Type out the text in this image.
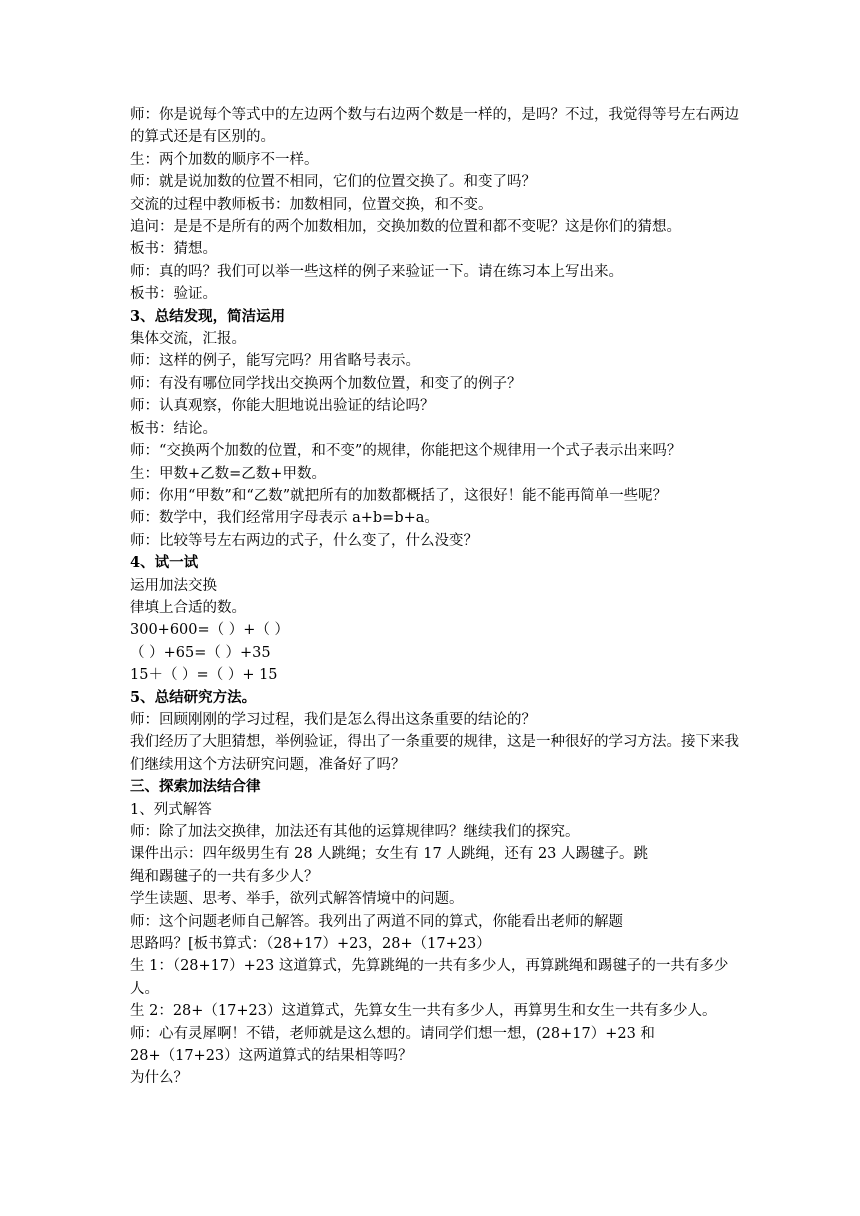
师：你是说每个等式中的左边两个数与右边两个数是一样的，是吗？不过，我觉得等号左右两边的算式还是有区别的。
生：两个加数的顺序不一样。
师：就是说加数的位置不相同，它们的位置交换了。和变了吗？
交流的过程中教师板书：加数相同，位置交换，和不变。
追问：是是不是所有的两个加数相加，交换加数的位置和都不变呢？这是你们的猜想。
板书：猜想。
师：真的吗？我们可以举一些这样的例子来验证一下。请在练习本上写出来。
板书：验证。
3、总结发现，简洁运用
集体交流，汇报。
师：这样的例子，能写完吗？用省略号表示。
师：有没有哪位同学找出交换两个加数位置，和变了的例子？
师：认真观察，你能大胆地说出验证的结论吗？
板书：结论。
师：“交换两个加数的位置，和不变”的规律，你能把这个规律用一个式子表示出来吗？
生：甲数+乙数=乙数+甲数。
师：你用“甲数”和“乙数”就把所有的加数都概括了，这很好！能不能再简单一些呢？
师：数学中，我们经常用字母表示 a+b=b+a。
师：比较等号左右两边的式子，什么变了，什么没变？
4、试一试
运用加法交换
律填上合适的数。
300+600=（ ）+（ ）
（ ）+65=（ ）+35
15＋（ ）=（ ）+ 15
5、总结研究方法。
师：回顾刚刚的学习过程，我们是怎么得出这条重要的结论的？
我们经历了大胆猜想，举例验证，得出了一条重要的规律，这是一种很好的学习方法。接下来我们继续用这个方法研究问题，准备好了吗？
三、探索加法结合律
1、列式解答
师：除了加法交换律，加法还有其他的运算规律吗？继续我们的探究。
课件出示：四年级男生有 28 人跳绳；女生有 17 人跳绳，还有 23 人踢毽子。跳
绳和踢毽子的一共有多少人？
学生读题、思考、举手，欲列式解答情境中的问题。
师：这个问题老师自己解答。我列出了两道不同的算式，你能看出老师的解题
思路吗？[板书算式：（28+17）+23，28+（17+23）
生 1：（28+17）+23 这道算式，先算跳绳的一共有多少人，再算跳绳和踢毽子的一共有多少人。
生 2：28+（17+23）这道算式，先算女生一共有多少人，再算男生和女生一共有多少人。
师：心有灵犀啊！不错，老师就是这么想的。请同学们想一想，(28+17）+23 和 28+（17+23）这两道算式的结果相等吗？
为什么？
